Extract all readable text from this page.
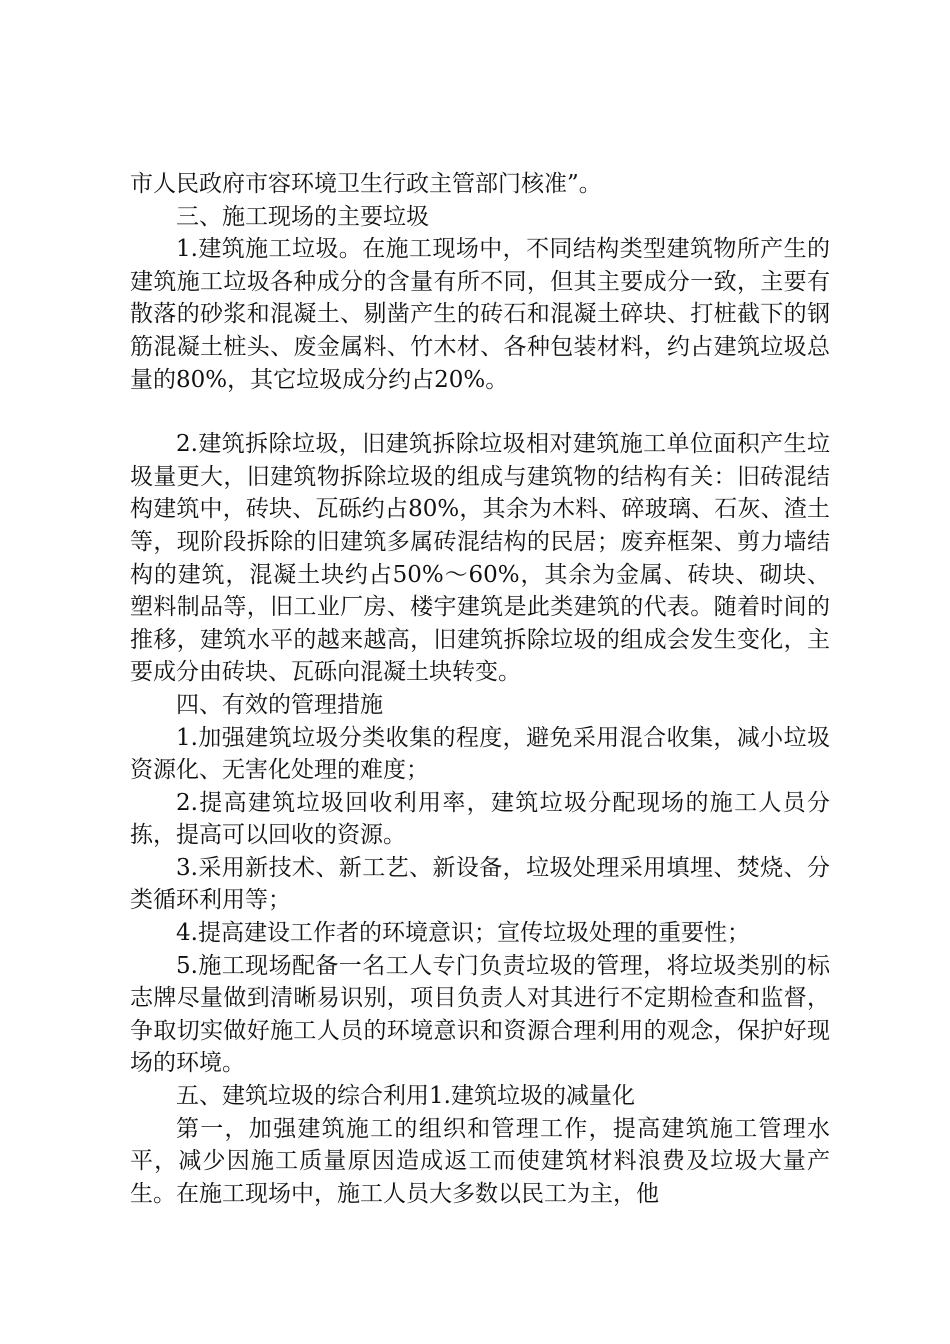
市人民政府市容环境卫生行政主管部门核准”。

三、施工现场的主要垃圾

1.建筑施工垃圾。在施工现场中，不同结构类型建筑物所产生的建筑施工垃圾各种成分的含量有所不同，但其主要成分一致，主要有散落的砂浆和混凝土、剔凿产生的砖石和混凝土碎块、打桩截下的钢筋混凝土桩头、废金属料、竹木材、各种包装材料，约占建筑垃圾总量的80%，其它垃圾成分约占20%。

2.建筑拆除垃圾，旧建筑拆除垃圾相对建筑施工单位面积产生垃圾量更大，旧建筑物拆除垃圾的组成与建筑物的结构有关：旧砖混结构建筑中，砖块、瓦砾约占80%，其余为木料、碎玻璃、石灰、渣土等，现阶段拆除的旧建筑多属砖混结构的民居；废弃框架、剪力墙结构的建筑，混凝土块约占50%～60%，其余为金属、砖块、砌块、塑料制品等，旧工业厂房、楼宇建筑是此类建筑的代表。随着时间的推移，建筑水平的越来越高，旧建筑拆除垃圾的组成会发生变化，主要成分由砖块、瓦砾向混凝土块转变。

四、有效的管理措施

1.加强建筑垃圾分类收集的程度，避免采用混合收集，减小垃圾资源化、无害化处理的难度；

2.提高建筑垃圾回收利用率，建筑垃圾分配现场的施工人员分拣，提高可以回收的资源。

3.采用新技术、新工艺、新设备，垃圾处理采用填埋、焚烧、分类循环利用等；

4.提高建设工作者的环境意识；宣传垃圾处理的重要性；

5.施工现场配备一名工人专门负责垃圾的管理，将垃圾类别的标志牌尽量做到清晰易识别，项目负责人对其进行不定期检查和监督，争取切实做好施工人员的环境意识和资源合理利用的观念，保护好现场的环境。

五、建筑垃圾的综合利用1.建筑垃圾的减量化

第一，加强建筑施工的组织和管理工作，提高建筑施工管理水平，减少因施工质量原因造成返工而使建筑材料浪费及垃圾大量产生。在施工现场中，施工人员大多数以民工为主，他
